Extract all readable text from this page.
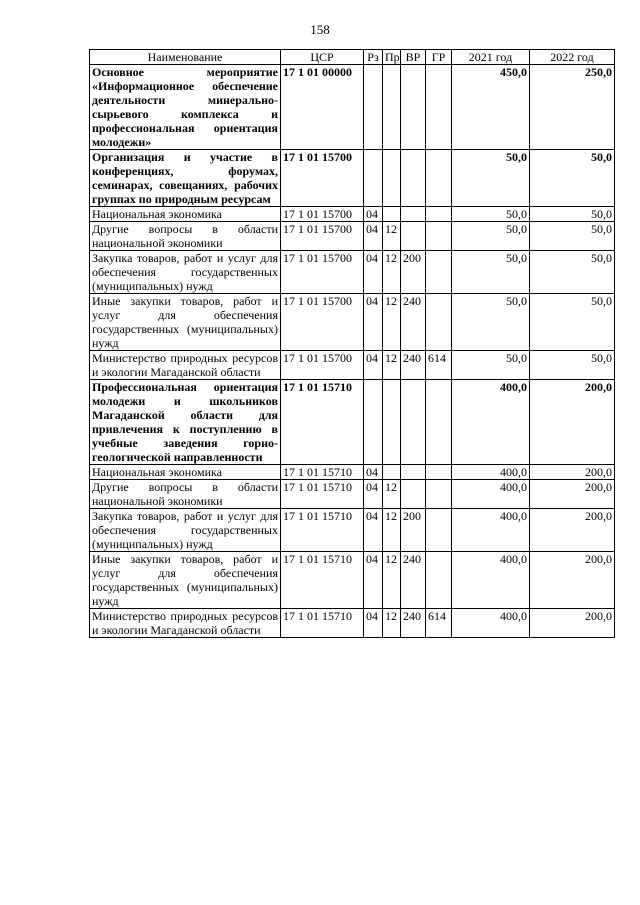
158
Наименование	ЦСР	Рз	Пр	ВР	ГР	2021 год	2022 год
Основное мероприятие «Информационное обеспечение деятельности минерально-сырьевого комплекса и профессиональная ориентация молодежи»	17 1 01 00000					450,0	250,0
Организация и участие в конференциях, форумах, семинарах, совещаниях, рабочих группах по природным ресурсам	17 1 01 15700					50,0	50,0
Национальная экономика	17 1 01 15700	04				50,0	50,0
Другие вопросы в области национальной экономики	17 1 01 15700	04	12			50,0	50,0
Закупка товаров, работ и услуг для обеспечения государственных (муниципальных) нужд	17 1 01 15700	04	12	200		50,0	50,0
Иные закупки товаров, работ и услуг для обеспечения государственных (муниципальных) нужд	17 1 01 15700	04	12	240		50,0	50,0
Министерство природных ресурсов и экологии Магаданской области	17 1 01 15700	04	12	240	614	50,0	50,0
Профессиональная ориентация молодежи и школьников Магаданской области для привлечения к поступлению в учебные заведения горно-геологической направленности	17 1 01 15710					400,0	200,0
Национальная экономика	17 1 01 15710	04				400,0	200,0
Другие вопросы в области национальной экономики	17 1 01 15710	04	12			400,0	200,0
Закупка товаров, работ и услуг для обеспечения государственных (муниципальных) нужд	17 1 01 15710	04	12	200		400,0	200,0
Иные закупки товаров, работ и услуг для обеспечения государственных (муниципальных) нужд	17 1 01 15710	04	12	240		400,0	200,0
Министерство природных ресурсов и экологии Магаданской области	17 1 01 15710	04	12	240	614	400,0	200,0
